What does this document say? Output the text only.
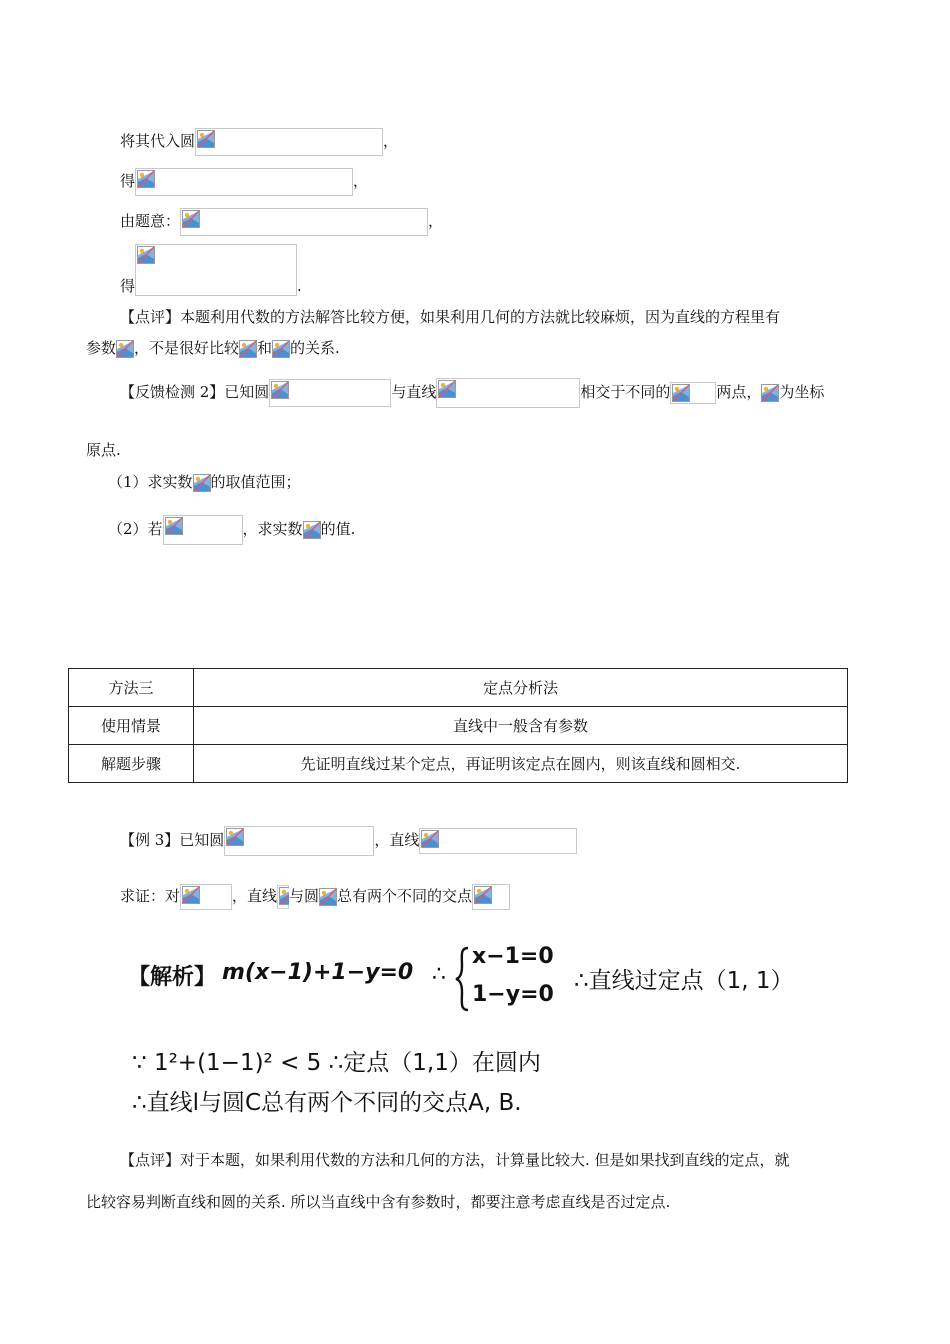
将其代入圆	，
得	，
由题意：	，
得	.
【点评】本题利用代数的方法解答比较方便，如果利用几何的方法就比较麻烦，因为直线的方程里有
参数 ，不是很好比较 和 的关系.
【反馈检测 2】已知圆	与直线	相交于不同的	两点， 为坐标
原点.
（1）求实数 的取值范围；
（2）若	，求实数 的值.
方法三	定点分析法
使用情景	直线中一般含有参数
解题步骤	先证明直线过某个定点，再证明该定点在圆内，则该直线和圆相交.
【例 3】已知圆	，直线
求证：对	，直线 与圆 总有两个不同的交点
【解析】 m(x−1)+1−y=0 ∴
x−1=0
1−y=0
∴直线过定点（1, 1）
∵ 1²+(1−1)² < 5 ∴定点（1,1）在圆内
∴直线l与圆C总有两个不同的交点A, B.
【点评】对于本题，如果利用代数的方法和几何的方法，计算量比较大. 但是如果找到直线的定点，就
比较容易判断直线和圆的关系. 所以当直线中含有参数时，都要注意考虑直线是否过定点.
